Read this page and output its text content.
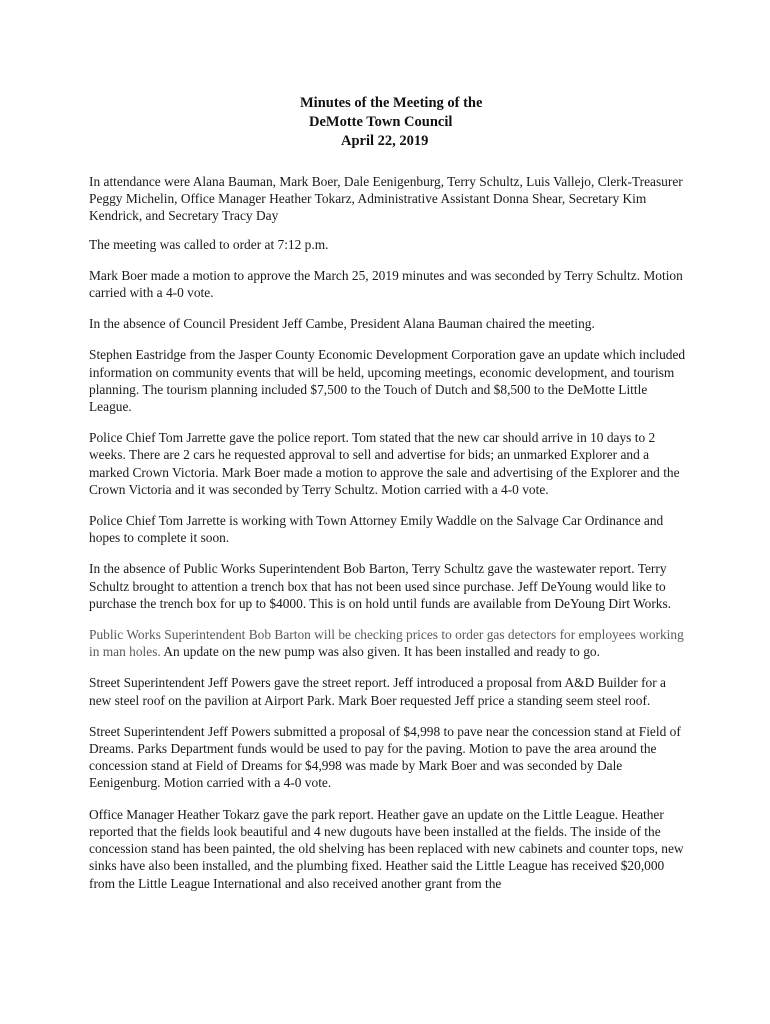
Minutes of the Meeting of the
DeMotte Town Council
April 22, 2019

In attendance were Alana Bauman, Mark Boer, Dale Eenigenburg, Terry Schultz, Luis Vallejo, Clerk-Treasurer Peggy Michelin, Office Manager Heather Tokarz, Administrative Assistant Donna Shear, Secretary Kim Kendrick, and Secretary Tracy Day

The meeting was called to order at 7:12 p.m.

Mark Boer made a motion to approve the March 25, 2019 minutes and was seconded by Terry Schultz. Motion carried with a 4-0 vote.

In the absence of Council President Jeff Cambe, President Alana Bauman chaired the meeting.

Stephen Eastridge from the Jasper County Economic Development Corporation gave an update which included information on community events that will be held, upcoming meetings, economic development, and tourism planning. The tourism planning included $7,500 to the Touch of Dutch and $8,500 to the DeMotte Little League.

Police Chief Tom Jarrette gave the police report. Tom stated that the new car should arrive in 10 days to 2 weeks. There are 2 cars he requested approval to sell and advertise for bids; an unmarked Explorer and a marked Crown Victoria. Mark Boer made a motion to approve the sale and advertising of the Explorer and the Crown Victoria and it was seconded by Terry Schultz. Motion carried with a 4-0 vote.

Police Chief Tom Jarrette is working with Town Attorney Emily Waddle on the Salvage Car Ordinance and hopes to complete it soon.

In the absence of Public Works Superintendent Bob Barton, Terry Schultz gave the wastewater report. Terry Schultz brought to attention a trench box that has not been used since purchase. Jeff DeYoung would like to purchase the trench box for up to $4000. This is on hold until funds are available from DeYoung Dirt Works.

Public Works Superintendent Bob Barton will be checking prices to order gas detectors for employees working in man holes. An update on the new pump was also given. It has been installed and ready to go.

Street Superintendent Jeff Powers gave the street report. Jeff introduced a proposal from A&D Builder for a new steel roof on the pavilion at Airport Park. Mark Boer requested Jeff price a standing seem steel roof.

Street Superintendent Jeff Powers submitted a proposal of $4,998 to pave near the concession stand at Field of Dreams. Parks Department funds would be used to pay for the paving. Motion to pave the area around the concession stand at Field of Dreams for $4,998 was made by Mark Boer and was seconded by Dale Eenigenburg. Motion carried with a 4-0 vote.

Office Manager Heather Tokarz gave the park report. Heather gave an update on the Little League. Heather reported that the fields look beautiful and 4 new dugouts have been installed at the fields. The inside of the concession stand has been painted, the old shelving has been replaced with new cabinets and counter tops, new sinks have also been installed, and the plumbing fixed. Heather said the Little League has received $20,000 from the Little League International and also received another grant from the
